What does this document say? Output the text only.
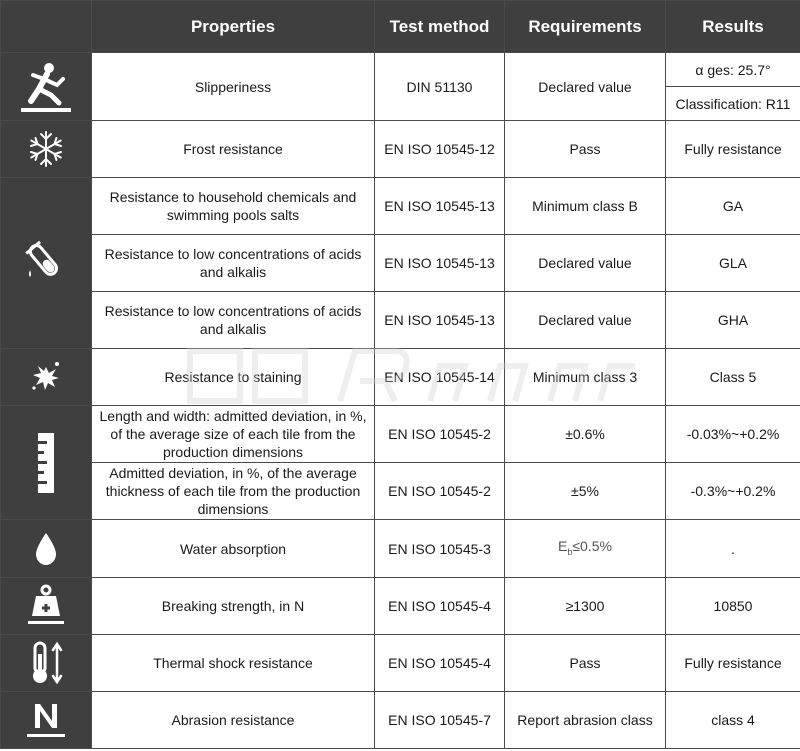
	Properties	Test method	Requirements	Results

	Slipperiness	DIN 51130	Declared value	α ges: 25.7°
				Classification: R11

	Frost resistance	EN ISO 10545-12	Pass	Fully resistance

	Resistance to household chemicals and swimming pools salts	EN ISO 10545-13	Minimum class B	GA
	Resistance to low concentrations of acids and alkalis	EN ISO 10545-13	Declared value	GLA
	Resistance to low concentrations of acids and alkalis	EN ISO 10545-13	Declared value	GHA

	Resistance to staining	EN ISO 10545-14	Minimum class 3	Class 5

	Length and width: admitted deviation, in %, of the average size of each tile from the production dimensions	EN ISO 10545-2	±0.6%	-0.03%~+0.2%
	Admitted deviation, in %, of the average thickness of each tile from the production dimensions	EN ISO 10545-2	±5%	-0.3%~+0.2%

	Water absorption	EN ISO 10545-3	$E_b\le 0.5\%$	.

	Breaking strength, in N	EN ISO 10545-4	≥1300	10850

	Thermal shock resistance	EN ISO 10545-4	Pass	Fully resistance

	Abrasion resistance	EN ISO 10545-7	Report abrasion class	class 4
